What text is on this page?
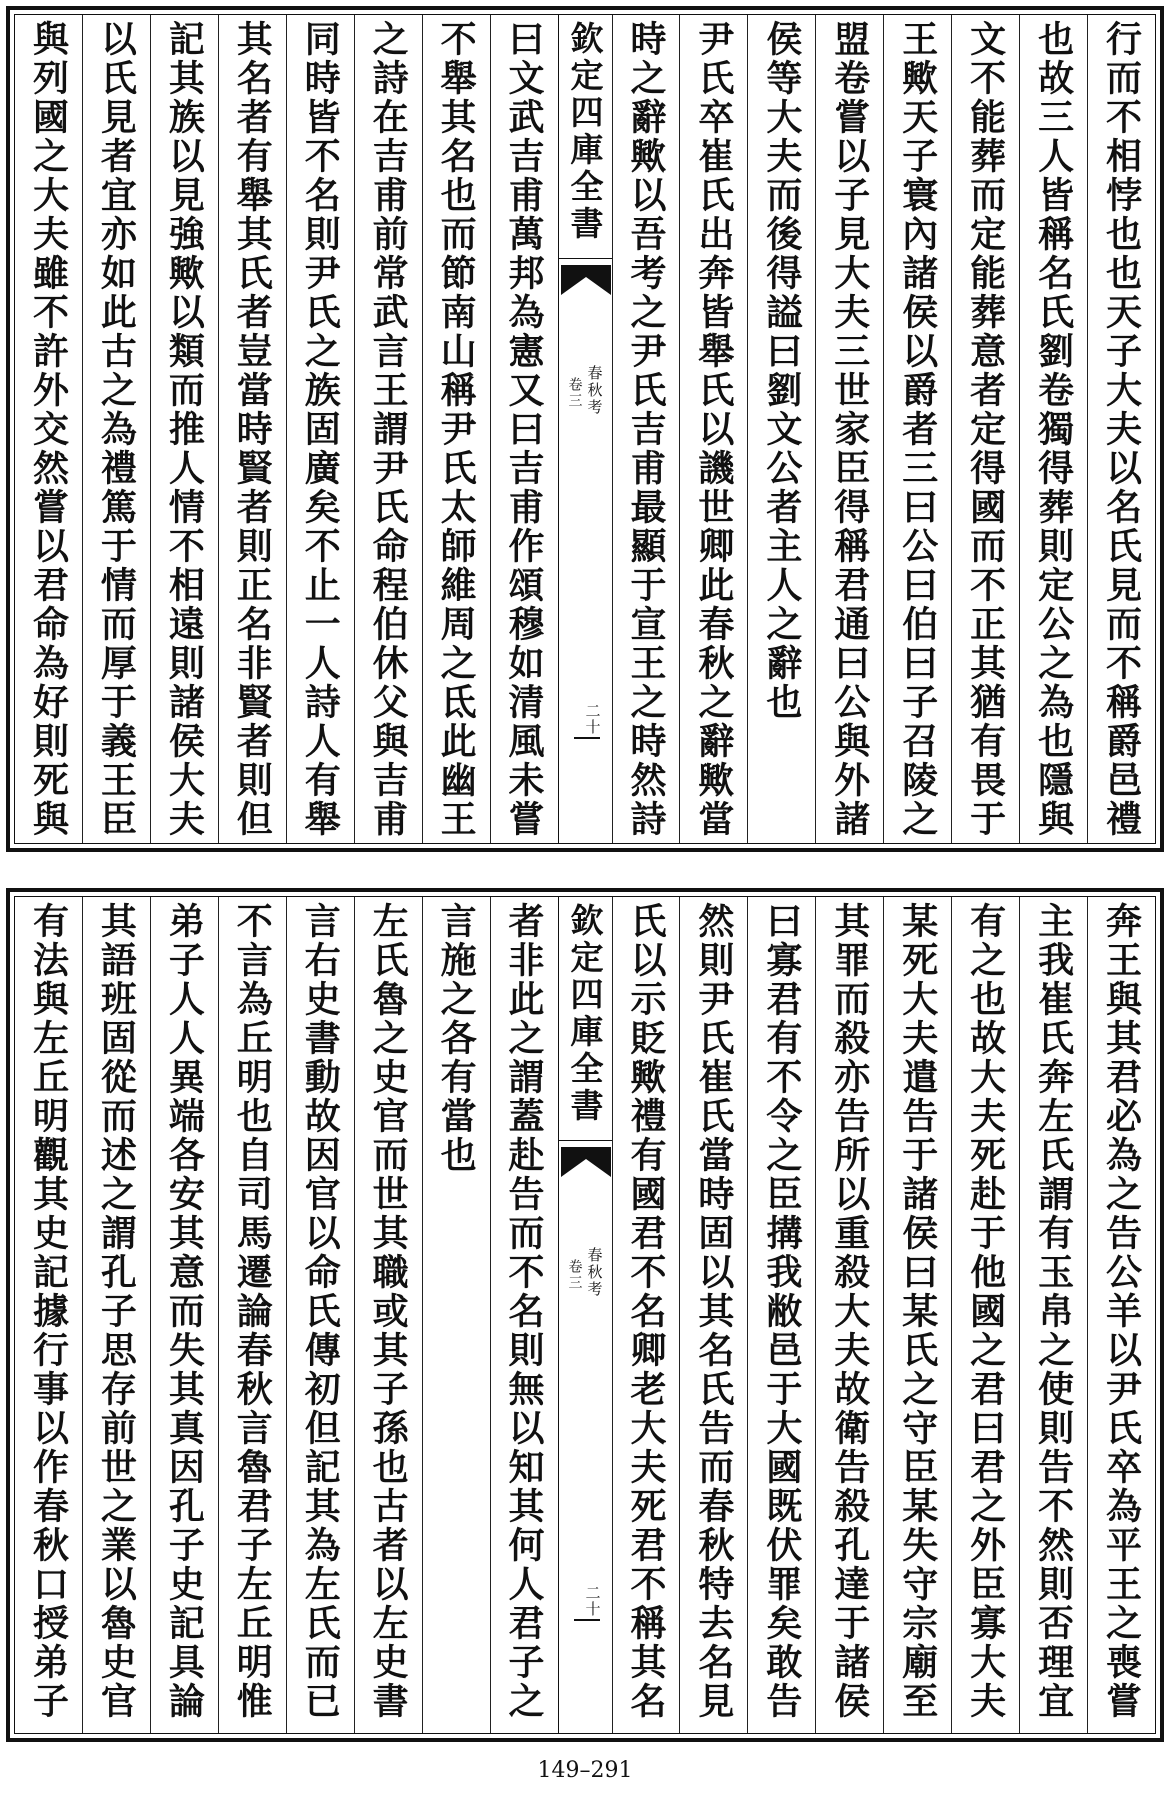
行而不相悖也也天子大夫以名氏見而不稱爵邑禮
也故三人皆稱名氏劉卷獨得葬則定公之為也隱與
文不能葬而定能葬意者定得國而不正其猶有畏于
王歟天子寰內諸侯以爵者三曰公曰伯曰子召陵之
盟卷嘗以子見大夫三世家臣得稱君通曰公與外諸
侯等大夫而後得謚曰劉文公者主人之辭也
尹氏卒崔氏出奔皆舉氏以譏世卿此春秋之辭歟當
時之辭歟以吾考之尹氏吉甫最顯于宣王之時然詩
欽定四庫全書
春秋考
卷三
二十
曰文武吉甫萬邦為憲又曰吉甫作頌穆如清風未嘗
不舉其名也而節南山稱尹氏太師維周之氐此幽王
之詩在吉甫前常武言王謂尹氏命程伯休父與吉甫
同時皆不名則尹氏之族固廣矣不止一人詩人有舉
其名者有舉其氏者豈當時賢者則正名非賢者則但
記其族以見強歟以類而推人情不相遠則諸侯大夫
以氏見者宜亦如此古之為禮篤于情而厚于義王臣
與列國之大夫雖不許外交然嘗以君命為好則死與
奔王與其君必為之告公羊以尹氏卒為平王之喪嘗
主我崔氏奔左氏謂有玉帛之使則告不然則否理宜
有之也故大夫死赴于他國之君曰君之外臣寡大夫
某死大夫遣告于諸侯曰某氏之守臣某失守宗廟至
其罪而殺亦告所以重殺大夫故衛告殺孔達于諸侯
曰寡君有不令之臣搆我敝邑于大國既伏罪矣敢告
然則尹氏崔氏當時固以其名氏告而春秋特去名見
氏以示貶歟禮有國君不名卿老大夫死君不稱其名
欽定四庫全書
春秋考
卷三
二十
者非此之謂蓋赴告而不名則無以知其何人君子之
言施之各有當也
左氏魯之史官而世其職或其子孫也古者以左史書
言右史書動故因官以命氏傳初但記其為左氏而已
不言為丘明也自司馬遷論春秋言魯君子左丘明惟
弟子人人異端各安其意而失其真因孔子史記具論
其語班固從而述之謂孔子思存前世之業以魯史官
有法與左丘明觀其史記據行事以作春秋口授弟子
149–291
